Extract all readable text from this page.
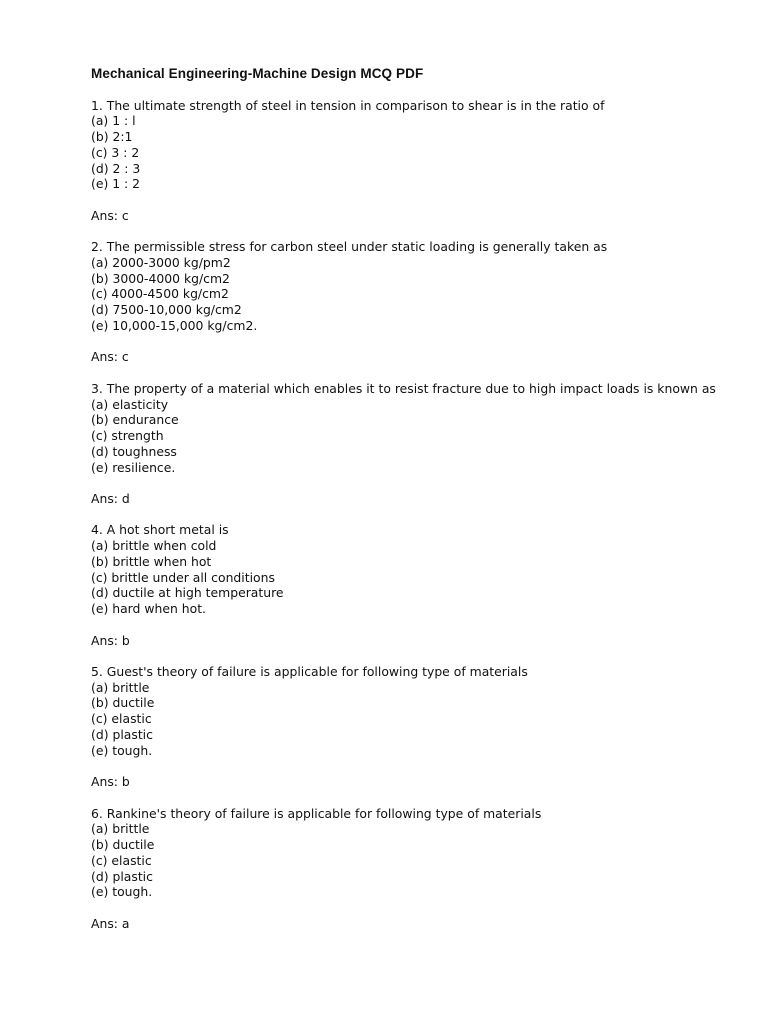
Mechanical Engineering-Machine Design MCQ PDF
1. The ultimate strength of steel in tension in comparison to shear is in the ratio of
(a) 1 : l
(b) 2:1
(c) 3 : 2
(d) 2 : 3
(e) 1 : 2
Ans: c
2. The permissible stress for carbon steel under static loading is generally taken as
(a) 2000-3000 kg/pm2
(b) 3000-4000 kg/cm2
(c) 4000-4500 kg/cm2
(d) 7500-10,000 kg/cm2
(e) 10,000-15,000 kg/cm2.
Ans: c
3. The property of a material which enables it to resist fracture due to high impact loads is known as
(a) elasticity
(b) endurance
(c) strength
(d) toughness
(e) resilience.
Ans: d
4. A hot short metal is
(a) brittle when cold
(b) brittle when hot
(c) brittle under all conditions
(d) ductile at high temperature
(e) hard when hot.
Ans: b
5. Guest's theory of failure is applicable for following type of materials
(a) brittle
(b) ductile
(c) elastic
(d) plastic
(e) tough.
Ans: b
6. Rankine's theory of failure is applicable for following type of materials
(a) brittle
(b) ductile
(c) elastic
(d) plastic
(e) tough.
Ans: a
